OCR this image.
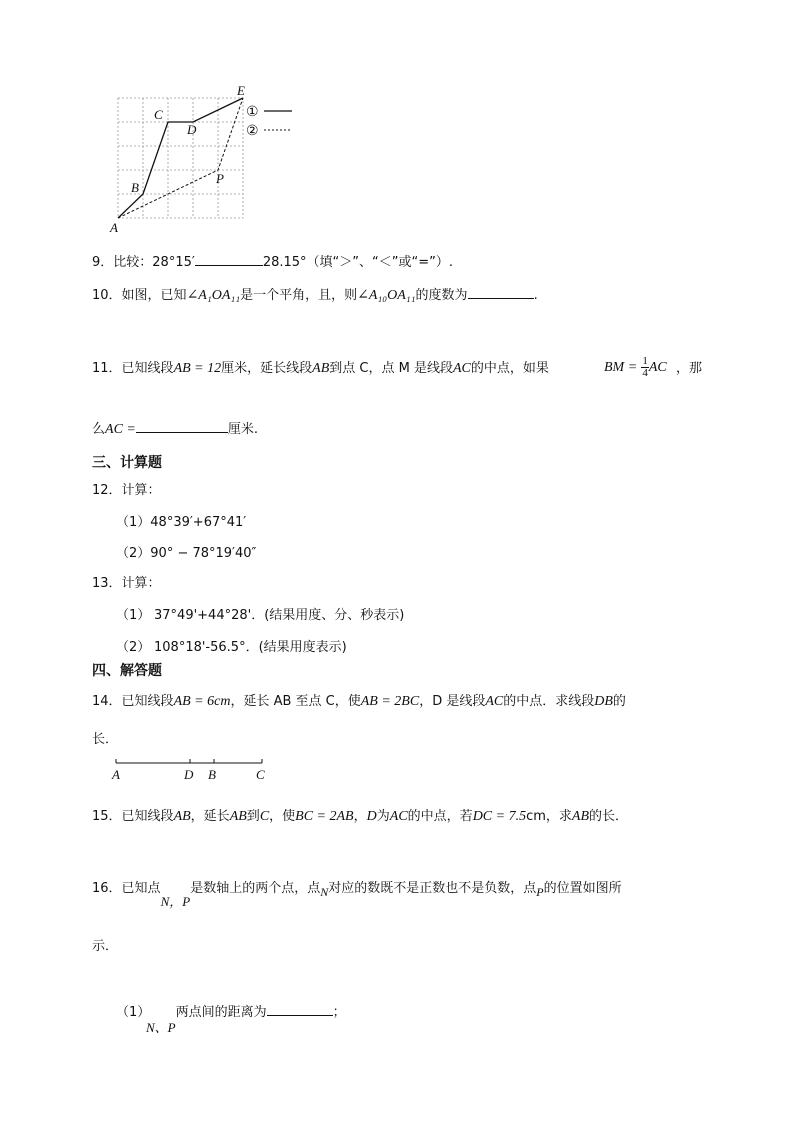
A
B
C
D
E
P
①
②
9．比较：28°15′	28.15°（填“＞”、“＜”或“=”）.
10．如图，已知∠A₁OA₁₁是一个平角，且，则∠A₁₀OA₁₁的度数为	.
11．已知线段AB = 12厘米，延长线段AB到点 C，点 M 是线段AC的中点，如果	BM = $\frac{1}{4}$ AC ，那
么AC =	厘米.
三、计算题
12．计算：
（1）48°39′+67°41′
（2）90° − 78°19′40″
13．计算：
（1） 37°49'+44°28'．(结果用度、分、秒表示)
（2） 108°18'-56.5°．(结果用度表示)
四、解答题
14．已知线段AB = 6cm，延长 AB 至点 C，使AB = 2BC，D 是线段AC的中点．求线段DB的
长．
A	D B	C
15．已知线段AB，延长AB到C，使BC = 2AB，D为AC的中点，若DC = 7.5cm，求AB的长．
16．已知点N，P是数轴上的两个点，点N对应的数既不是正数也不是负数，点P的位置如图所
示．
（1）N、P两点间的距离为	；
